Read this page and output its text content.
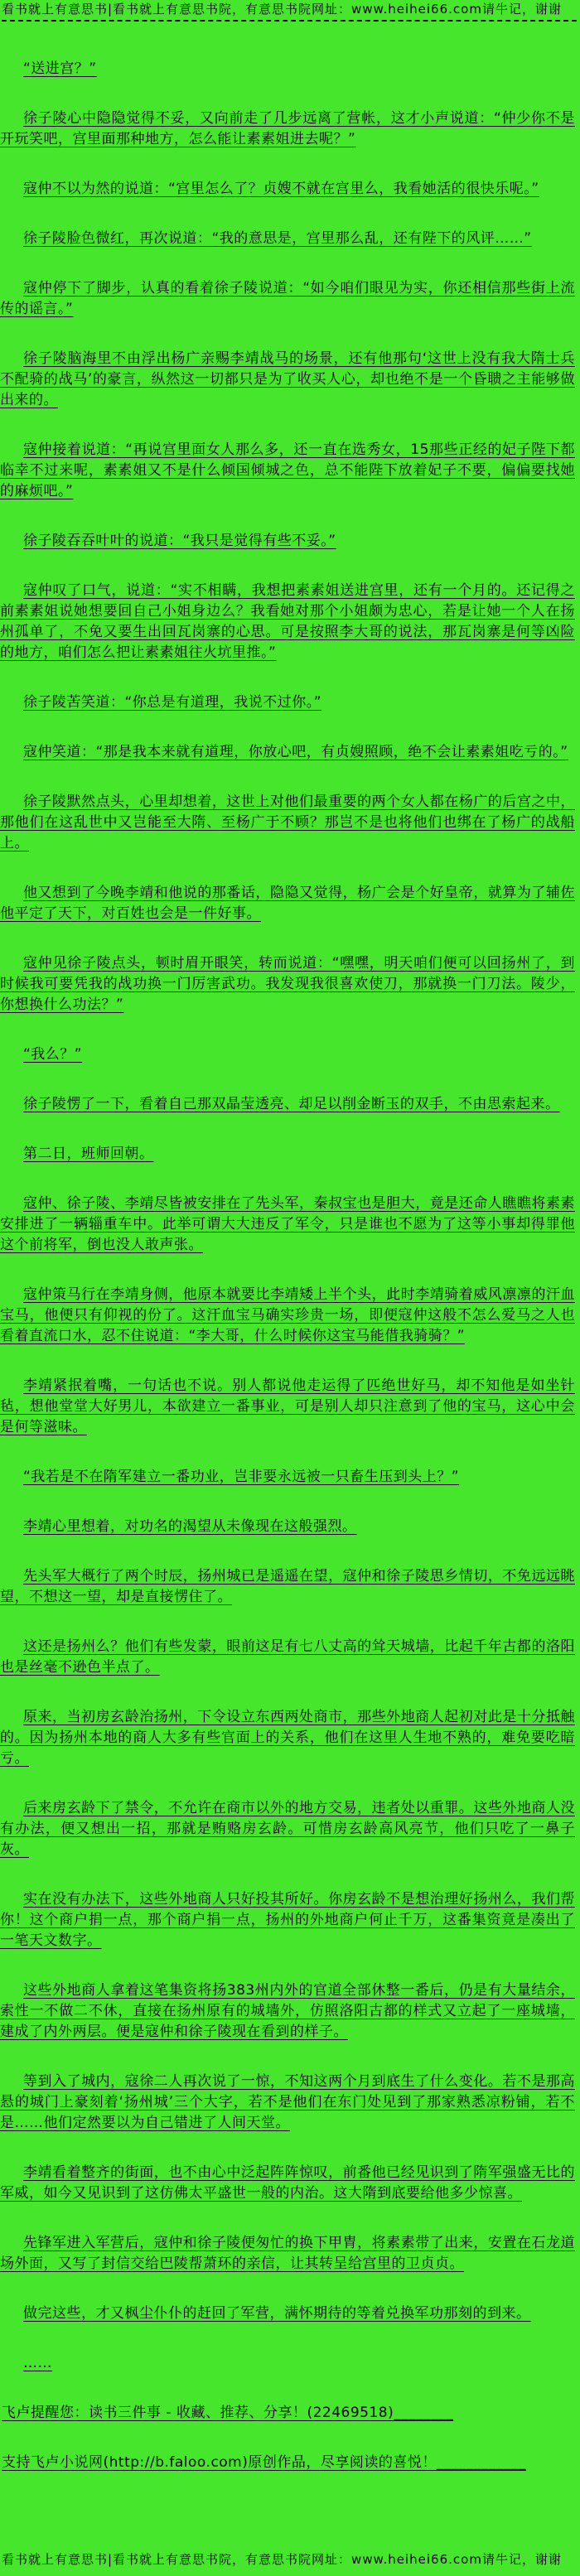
看书就上有意思书|看书就上有意思书院，有意思书院网址：www.heihei66.com请牛记，谢谢

“送进宫？”

徐子陵心中隐隐觉得不妥，又向前走了几步远离了营帐，这才小声说道：“仲少你不是开玩笑吧，宫里面那种地方，怎么能让素素姐进去呢？”

寇仲不以为然的说道：“宫里怎么了？贞嫂不就在宫里么，我看她活的很快乐呢。”

徐子陵脸色微红，再次说道：“我的意思是，宫里那么乱，还有陛下的风评……”

寇仲停下了脚步，认真的看着徐子陵说道：“如今咱们眼见为实，你还相信那些街上流传的谣言。”

徐子陵脑海里不由浮出杨广亲赐李靖战马的场景，还有他那句‘这世上没有我大隋士兵不配骑的战马’的豪言，纵然这一切都只是为了收买人心，却也绝不是一个昏聩之主能够做出来的。

寇仲接着说道：“再说宫里面女人那么多，还一直在选秀女，15那些正经的妃子陛下都临幸不过来呢，素素姐又不是什么倾国倾城之色，总不能陛下放着妃子不要，偏偏要找她的麻烦吧。”

徐子陵吞吞叶叶的说道：“我只是觉得有些不妥。”

寇仲叹了口气，说道：“实不相瞒，我想把素素姐送进宫里，还有一个月的。还记得之前素素姐说她想要回自己小姐身边么？我看她对那个小姐颇为忠心，若是让她一个人在扬州孤单了，不免又要生出回瓦岗寨的心思。可是按照李大哥的说法，那瓦岗寨是何等凶险的地方，咱们怎么把让素素姐往火坑里推。”

徐子陵苦笑道：“你总是有道理，我说不过你。”

寇仲笑道：“那是我本来就有道理，你放心吧，有贞嫂照顾，绝不会让素素姐吃亏的。”

徐子陵默然点头，心里却想着，这世上对他们最重要的两个女人都在杨广的后宫之中，那他们在这乱世中又岂能至大隋、至杨广于不顾？那岂不是也将他们也绑在了杨广的战船上。

他又想到了今晚李靖和他说的那番话，隐隐又觉得，杨广会是个好皇帝，就算为了辅佐他平定了天下，对百姓也会是一件好事。

寇仲见徐子陵点头，顿时眉开眼笑，转而说道：“嘿嘿，明天咱们便可以回扬州了，到时候我可要凭我的战功换一门厉害武功。我发现我很喜欢使刀，那就换一门刀法。陵少，你想换什么功法？”

“我么？”

徐子陵愣了一下，看着自己那双晶莹透亮、却足以削金断玉的双手，不由思索起来。

第二日，班师回朝。

寇仲、徐子陵、李靖尽皆被安排在了先头军，秦叔宝也是胆大，竟是还命人瞧瞧将素素安排进了一辆辎重车中。此举可谓大大违反了军令，只是谁也不愿为了这等小事却得罪他这个前将军，倒也没人敢声张。

寇仲策马行在李靖身侧，他原本就要比李靖矮上半个头，此时李靖骑着威风凛凛的汗血宝马，他便只有仰视的份了。这汗血宝马确实珍贵一场，即便寇仲这般不怎么爱马之人也看着直流口水，忍不住说道：“李大哥，什么时候你这宝马能借我骑骑？”

李靖紧抿着嘴，一句话也不说。别人都说他走运得了匹绝世好马，却不知他是如坐针毡，想他堂堂大好男儿，本欲建立一番事业，可是别人却只注意到了他的宝马，这心中会是何等滋味。

“我若是不在隋军建立一番功业，岂非要永远被一只畜生压到头上？”

李靖心里想着，对功名的渴望从未像现在这般强烈。

先头军大概行了两个时辰，扬州城已是遥遥在望，寇仲和徐子陵思乡情切，不免远远眺望，不想这一望，却是直接愣住了。

这还是扬州么？他们有些发蒙，眼前这足有七八丈高的耸天城墙，比起千年古都的洛阳也是丝毫不逊色半点了。

原来，当初房玄龄治扬州，下令设立东西两处商市，那些外地商人起初对此是十分抵触的。因为扬州本地的商人大多有些官面上的关系，他们在这里人生地不熟的，难免要吃暗亏。

后来房玄龄下了禁令，不允许在商市以外的地方交易，违者处以重罪。这些外地商人没有办法，便又想出一招，那就是贿赂房玄龄。可惜房玄龄高风亮节，他们只吃了一鼻子灰。

实在没有办法下，这些外地商人只好投其所好。你房玄龄不是想治理好扬州么，我们帮你！这个商户捐一点，那个商户捐一点，扬州的外地商户何止千万，这番集资竟是凑出了一笔天文数字。

这些外地商人拿着这笔集资将扬383州内外的官道全部休整一番后，仍是有大量结余，索性一不做二不休，直接在扬州原有的城墙外，仿照洛阳古都的样式又立起了一座城墙，建成了内外两层。便是寇仲和徐子陵现在看到的样子。

等到入了城内，寇徐二人再次说了一惊，不知这两个月到底生了什么变化。若不是那高悬的城门上豪刻着‘扬州城’三个大字，若不是他们在东门处见到了那家熟悉凉粉铺，若不是……他们定然要以为自己错进了人间天堂。

李靖看着整齐的街面，也不由心中泛起阵阵惊叹，前番他已经见识到了隋军强盛无比的军威，如今又见识到了这仿佛太平盛世一般的内治。这大隋到底要给他多少惊喜。

先锋军进入军营后，寇仲和徐子陵便匆忙的换下甲胄，将素素带了出来，安置在石龙道场外面，又写了封信交给巴陵帮萧环的亲信，让其转呈给宫里的卫贞贞。

做完这些，才又枫尘仆仆的赶回了军营，满怀期待的等着兑换军功那刻的到来。

……

飞卢提醒您：读书三件事 - 收藏、推荐、分享！(22469518)________

支持飞卢小说网(http://b.faloo.com)原创作品，尽享阅读的喜悦！____________

看书就上有意思书|看书就上有意思书院，有意思书院网址：www.heihei66.com请牛记，谢谢
